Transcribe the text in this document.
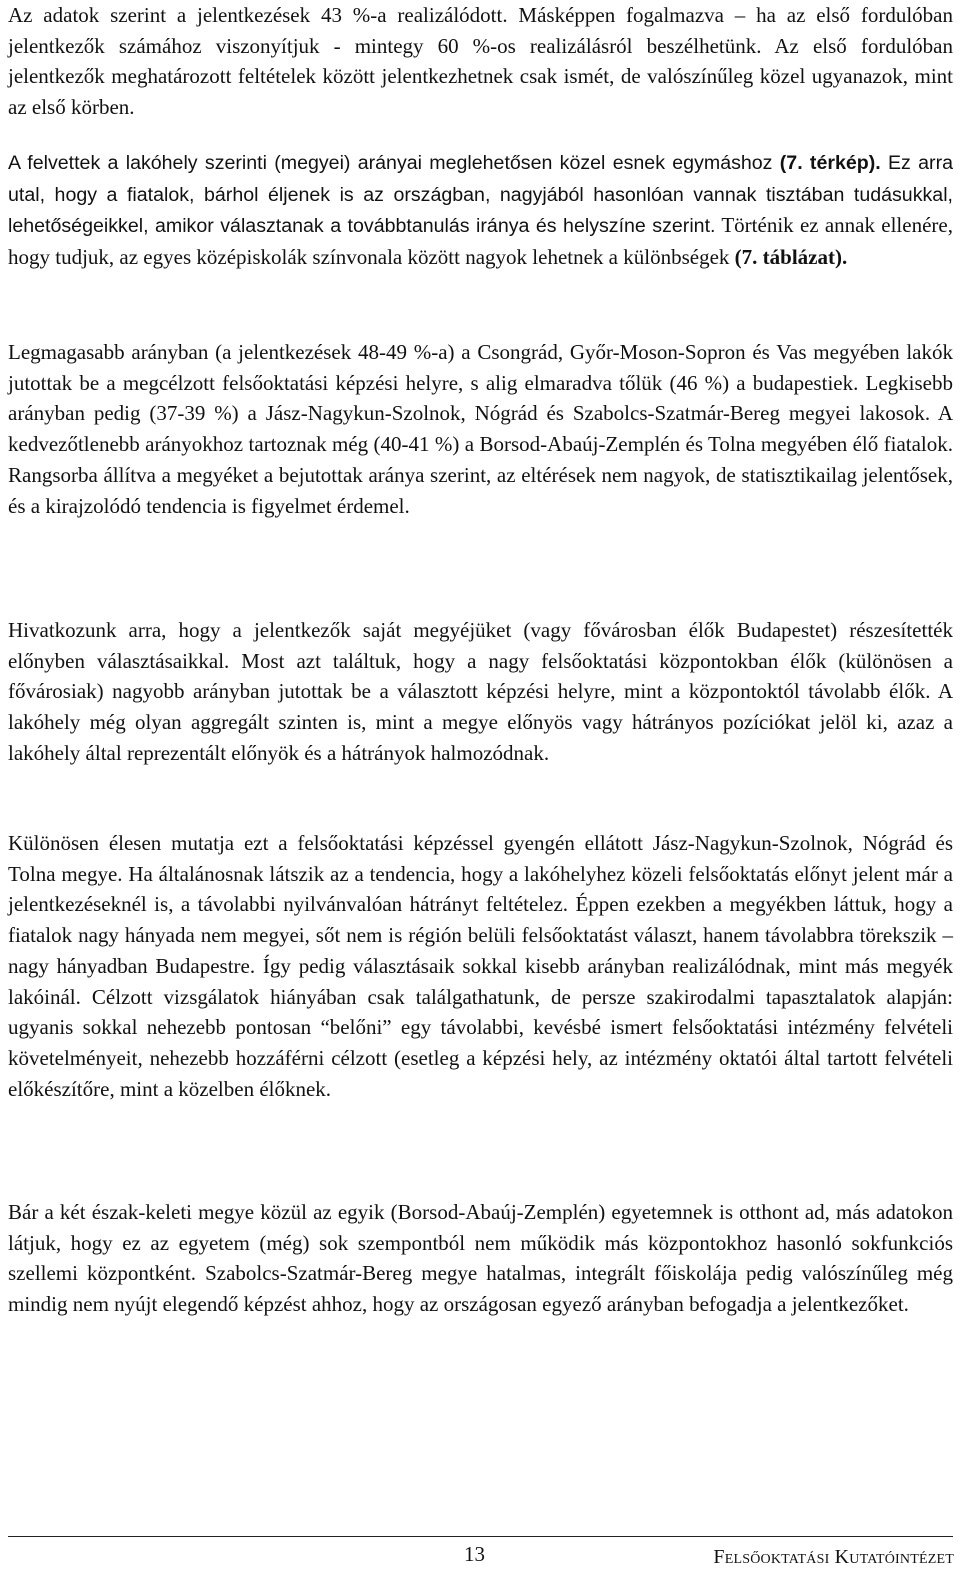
Az adatok szerint a jelentkezések 43 %-a realizálódott. Másképpen fogalmazva – ha az első fordulóban jelentkezők számához viszonyítjuk - mintegy 60 %-os realizálásról beszélhetünk. Az első fordulóban jelentkezők meghatározott feltételek között jelentkezhetnek csak ismét, de valószínűleg közel ugyanazok, mint az első körben.

A felvettek a lakóhely szerinti (megyei) arányai meglehetősen közel esnek egymáshoz (7. térkép). Ez arra utal, hogy a fiatalok, bárhol éljenek is az országban, nagyjából hasonlóan vannak tisztában tudásukkal, lehetőségeikkel, amikor választanak a továbbtanulás iránya és helyszíne szerint. Történik ez annak ellenére, hogy tudjuk, az egyes középiskolák színvonala között nagyok lehetnek a különbségek (7. táblázat).

Legmagasabb arányban (a jelentkezések 48-49 %-a) a Csongrád, Győr-Moson-Sopron és Vas megyében lakók jutottak be a megcélzott felsőoktatási képzési helyre, s alig elmaradva tőlük (46 %) a budapestiek. Legkisebb arányban pedig (37-39 %) a Jász-Nagykun-Szolnok, Nógrád és Szabolcs-Szatmár-Bereg megyei lakosok. A kedvezőtlenebb arányokhoz tartoznak még (40-41 %) a Borsod-Abaúj-Zemplén és Tolna megyében élő fiatalok. Rangsorba állítva a megyéket a bejutottak aránya szerint, az eltérések nem nagyok, de statisztikailag jelentősek, és a kirajzolódó tendencia is figyelmet érdemel.

Hivatkozunk arra, hogy a jelentkezők saját megyéjüket (vagy fővárosban élők Budapestet) részesítették előnyben választásaikkal. Most azt találtuk, hogy a nagy felsőoktatási központokban élők (különösen a fővárosiak) nagyobb arányban jutottak be a választott képzési helyre, mint a központoktól távolabb élők. A lakóhely még olyan aggregált szinten is, mint a megye előnyös vagy hátrányos pozíciókat jelöl ki, azaz a lakóhely által reprezentált előnyök és a hátrányok halmozódnak.

Különösen élesen mutatja ezt a felsőoktatási képzéssel gyengén ellátott Jász-Nagykun-Szolnok, Nógrád és Tolna megye. Ha általánosnak látszik az a tendencia, hogy a lakóhelyhez közeli felsőoktatás előnyt jelent már a jelentkezéseknél is, a távolabbi nyilvánvalóan hátrányt feltételez. Éppen ezekben a megyékben láttuk, hogy a fiatalok nagy hányada nem megyei, sőt nem is régión belüli felsőoktatást választ, hanem távolabbra törekszik – nagy hányadban Budapestre. Így pedig választásaik sokkal kisebb arányban realizálódnak, mint más megyék lakóinál. Célzott vizsgálatok hiányában csak találgathatunk, de persze szakirodalmi tapasztalatok alapján: ugyanis sokkal nehezebb pontosan “belőni” egy távolabbi, kevésbé ismert felsőoktatási intézmény felvételi követelményeit, nehezebb hozzáférni célzott (esetleg a képzési hely, az intézmény oktatói által tartott felvételi előkészítőre, mint a közelben élőknek.

Bár a két észak-keleti megye közül az egyik (Borsod-Abaúj-Zemplén) egyetemnek is otthont ad, más adatokon látjuk, hogy ez az egyetem (még) sok szempontból nem működik más központokhoz hasonló sokfunkciós szellemi központként. Szabolcs-Szatmár-Bereg megye hatalmas, integrált főiskolája pedig valószínűleg még mindig nem nyújt elegendő képzést ahhoz, hogy az országosan egyező arányban befogadja a jelentkezőket.

13	Felsőoktatási Kutatóintézet
